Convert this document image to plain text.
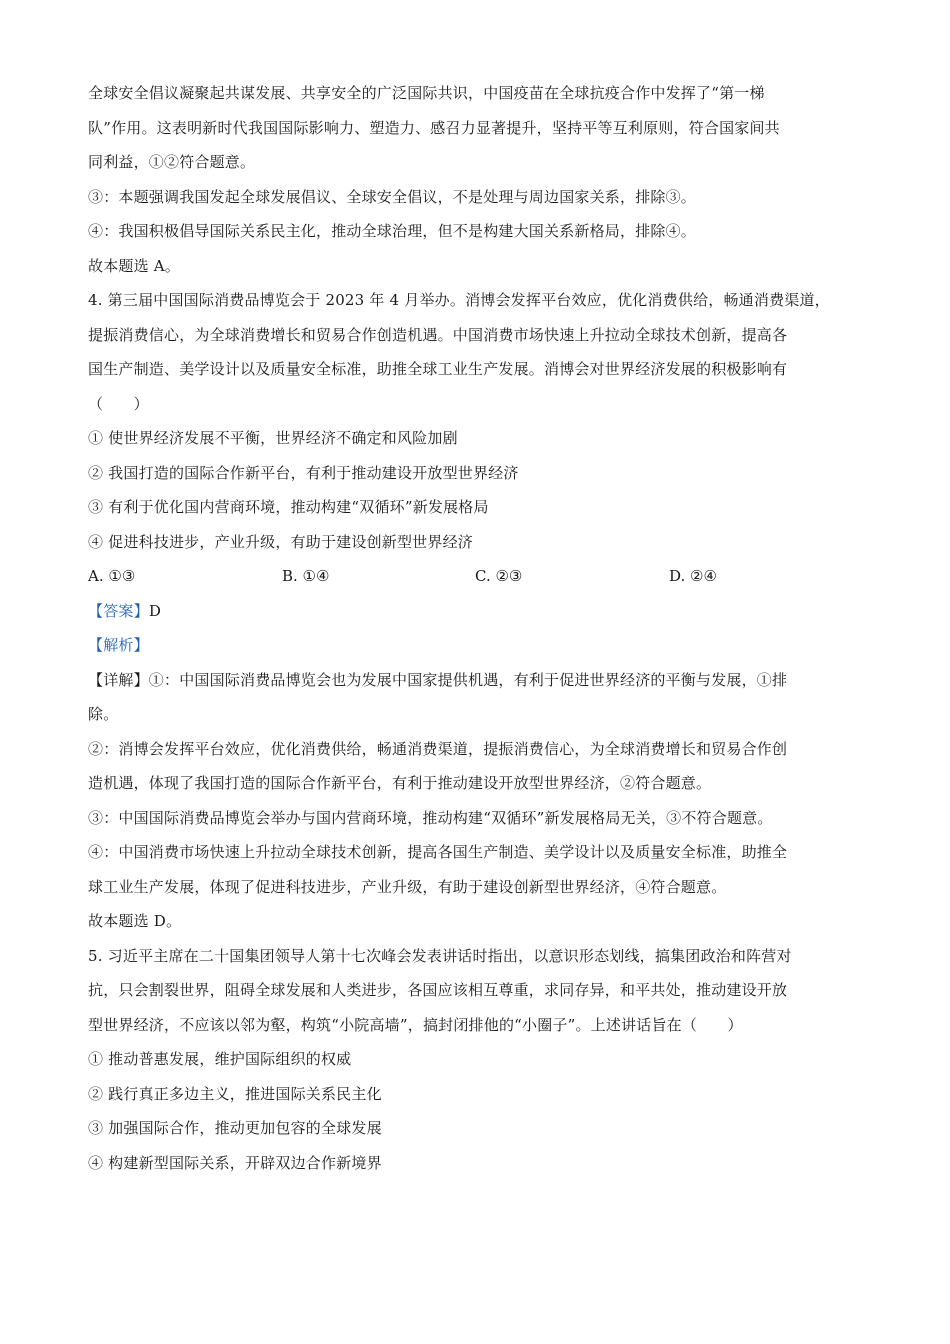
全球安全倡议凝聚起共谋发展、共享安全的广泛国际共识，中国疫苗在全球抗疫合作中发挥了“第一梯
队”作用。这表明新时代我国国际影响力、塑造力、感召力显著提升，坚持平等互利原则，符合国家间共
同利益，①②符合题意。
③：本题强调我国发起全球发展倡议、全球安全倡议，不是处理与周边国家关系，排除③。
④：我国积极倡导国际关系民主化，推动全球治理，但不是构建大国关系新格局，排除④。
故本题选 A。
4. 第三届中国国际消费品博览会于 2023 年 4 月举办。消博会发挥平台效应，优化消费供给，畅通消费渠道，
提振消费信心，为全球消费增长和贸易合作创造机遇。中国消费市场快速上升拉动全球技术创新，提高各
国生产制造、美学设计以及质量安全标准，助推全球工业生产发展。消博会对世界经济发展的积极影响有
（　　）
① 使世界经济发展不平衡，世界经济不确定和风险加剧
② 我国打造的国际合作新平台，有利于推动建设开放型世界经济
③ 有利于优化国内营商环境，推动构建“双循环”新发展格局
④ 促进科技进步，产业升级，有助于建设创新型世界经济
A. ①③	B. ①④	C. ②③	D. ②④
【答案】D
【解析】
【详解】①：中国国际消费品博览会也为发展中国家提供机遇，有利于促进世界经济的平衡与发展，①排
除。
②：消博会发挥平台效应，优化消费供给，畅通消费渠道，提振消费信心，为全球消费增长和贸易合作创
造机遇，体现了我国打造的国际合作新平台，有利于推动建设开放型世界经济，②符合题意。
③：中国国际消费品博览会举办与国内营商环境，推动构建“双循环”新发展格局无关，③不符合题意。
④：中国消费市场快速上升拉动全球技术创新，提高各国生产制造、美学设计以及质量安全标准，助推全
球工业生产发展，体现了促进科技进步，产业升级，有助于建设创新型世界经济，④符合题意。
故本题选 D。
5. 习近平主席在二十国集团领导人第十七次峰会发表讲话时指出，以意识形态划线，搞集团政治和阵营对
抗，只会割裂世界，阻碍全球发展和人类进步，各国应该相互尊重，求同存异，和平共处，推动建设开放
型世界经济，不应该以邻为壑，构筑“小院高墙”，搞封闭排他的“小圈子”。上述讲话旨在（　　）
① 推动普惠发展，维护国际组织的权威
② 践行真正多边主义，推进国际关系民主化
③ 加强国际合作，推动更加包容的全球发展
④ 构建新型国际关系，开辟双边合作新境界
